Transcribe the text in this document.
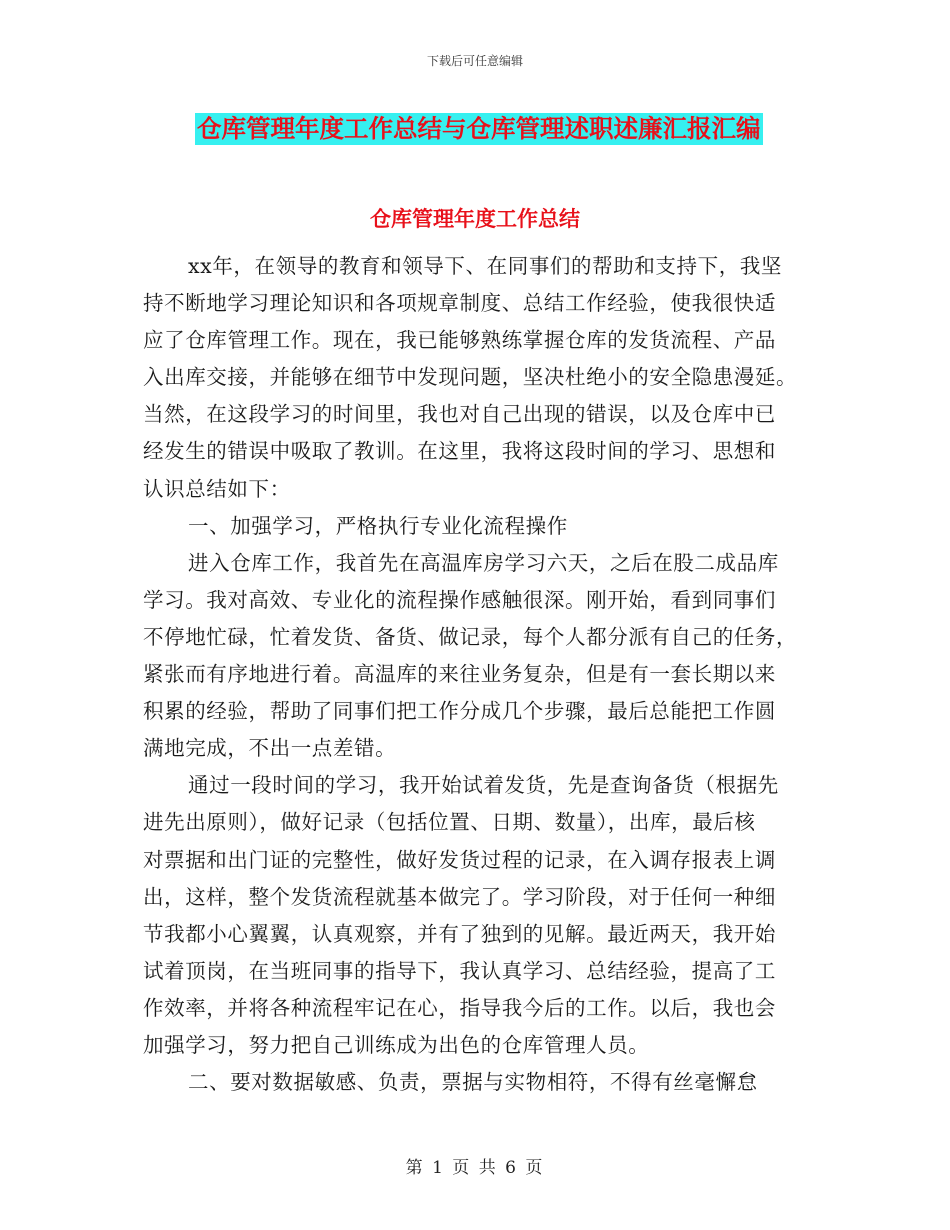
下载后可任意编辑
仓库管理年度工作总结与仓库管理述职述廉汇报汇编
仓库管理年度工作总结
xx年，在领导的教育和领导下、在同事们的帮助和支持下，我坚
持不断地学习理论知识和各项规章制度、总结工作经验，使我很快适
应了仓库管理工作。现在，我已能够熟练掌握仓库的发货流程、产品
入出库交接，并能够在细节中发现问题，坚决杜绝小的安全隐患漫延。
当然，在这段学习的时间里，我也对自己出现的错误，以及仓库中已
经发生的错误中吸取了教训。在这里，我将这段时间的学习、思想和
认识总结如下：
一、加强学习，严格执行专业化流程操作
进入仓库工作，我首先在高温库房学习六天，之后在股二成品库
学习。我对高效、专业化的流程操作感触很深。刚开始，看到同事们
不停地忙碌，忙着发货、备货、做记录，每个人都分派有自己的任务，
紧张而有序地进行着。高温库的来往业务复杂，但是有一套长期以来
积累的经验，帮助了同事们把工作分成几个步骤，最后总能把工作圆
满地完成，不出一点差错。
通过一段时间的学习，我开始试着发货，先是查询备货（根据先
进先出原则），做好记录（包括位置、日期、数量），出库，最后核
对票据和出门证的完整性，做好发货过程的记录，在入调存报表上调
出，这样，整个发货流程就基本做完了。学习阶段，对于任何一种细
节我都小心翼翼，认真观察，并有了独到的见解。最近两天，我开始
试着顶岗，在当班同事的指导下，我认真学习、总结经验，提高了工
作效率，并将各种流程牢记在心，指导我今后的工作。以后，我也会
加强学习，努力把自己训练成为出色的仓库管理人员。
二、要对数据敏感、负责，票据与实物相符，不得有丝毫懈怠
第 1 页 共 6 页
